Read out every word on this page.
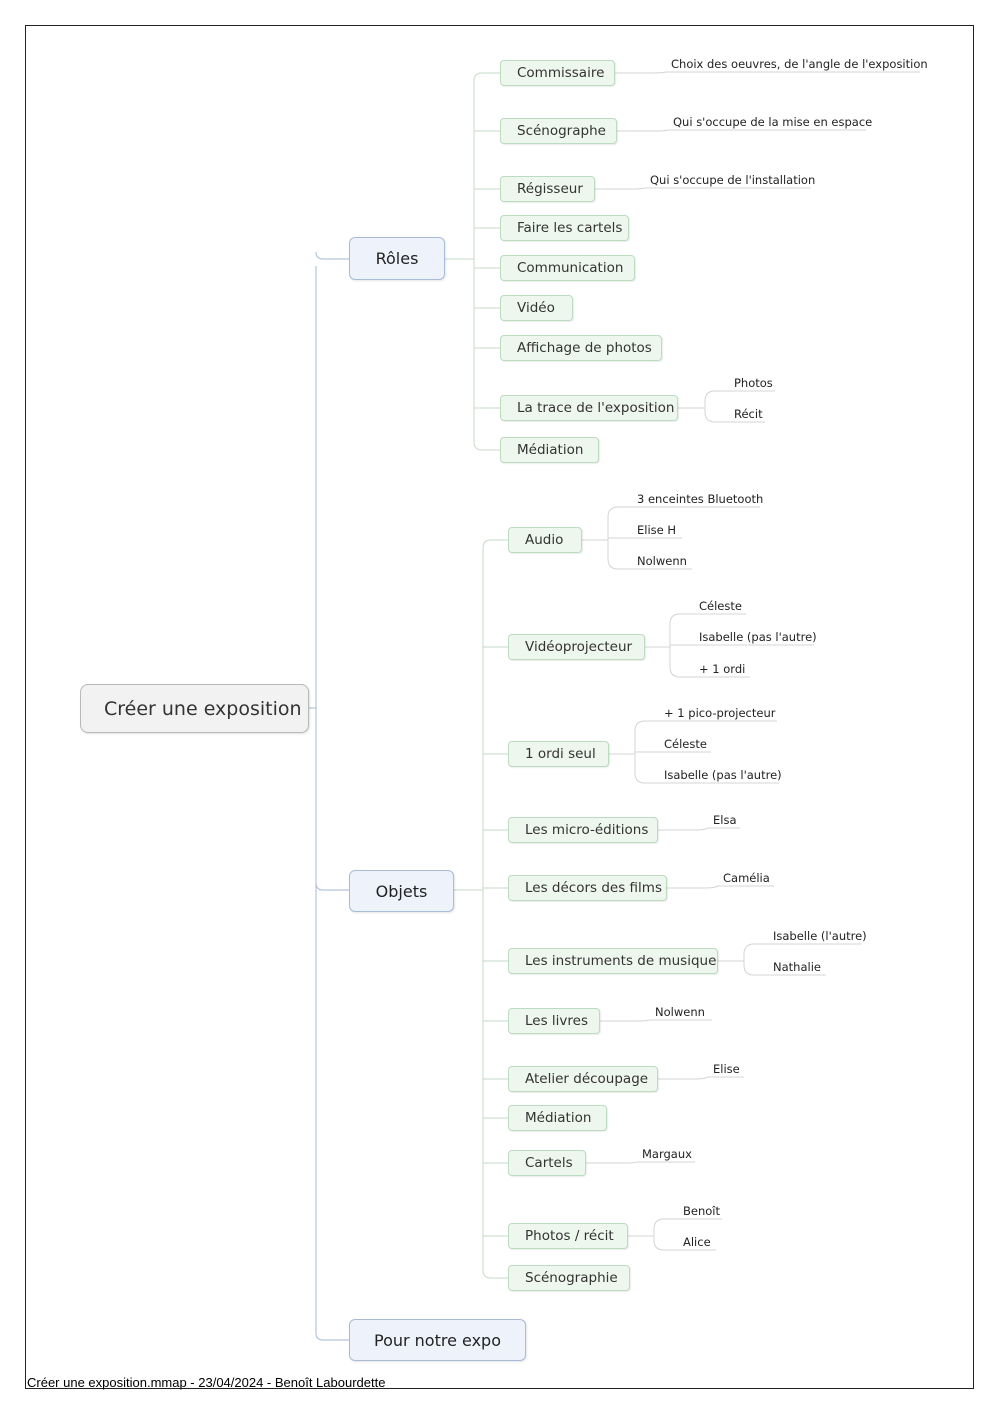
Créer une exposition
Rôles
Objets
Pour notre expo
Commissaire
Choix des oeuvres, de l'angle de l'exposition
Scénographe
Qui s'occupe de la mise en espace
Régisseur
Qui s'occupe de l'installation
Faire les cartels
Communication
Vidéo
Affichage de photos
La trace de l'exposition
Photos
Récit
Médiation
Audio
3 enceintes Bluetooth
Elise H
Nolwenn
Vidéoprojecteur
Céleste
Isabelle (pas l'autre)
+ 1 ordi
1 ordi seul
+ 1 pico-projecteur
Céleste
Isabelle (pas l'autre)
Les micro-éditions
Elsa
Les décors des films
Camélia
Les instruments de musique
Isabelle (l'autre)
Nathalie
Les livres
Nolwenn
Atelier découpage
Elise
Médiation
Cartels
Margaux
Photos / récit
Benoît
Alice
Scénographie
Créer une exposition.mmap - 23/04/2024 - Benoît Labourdette
